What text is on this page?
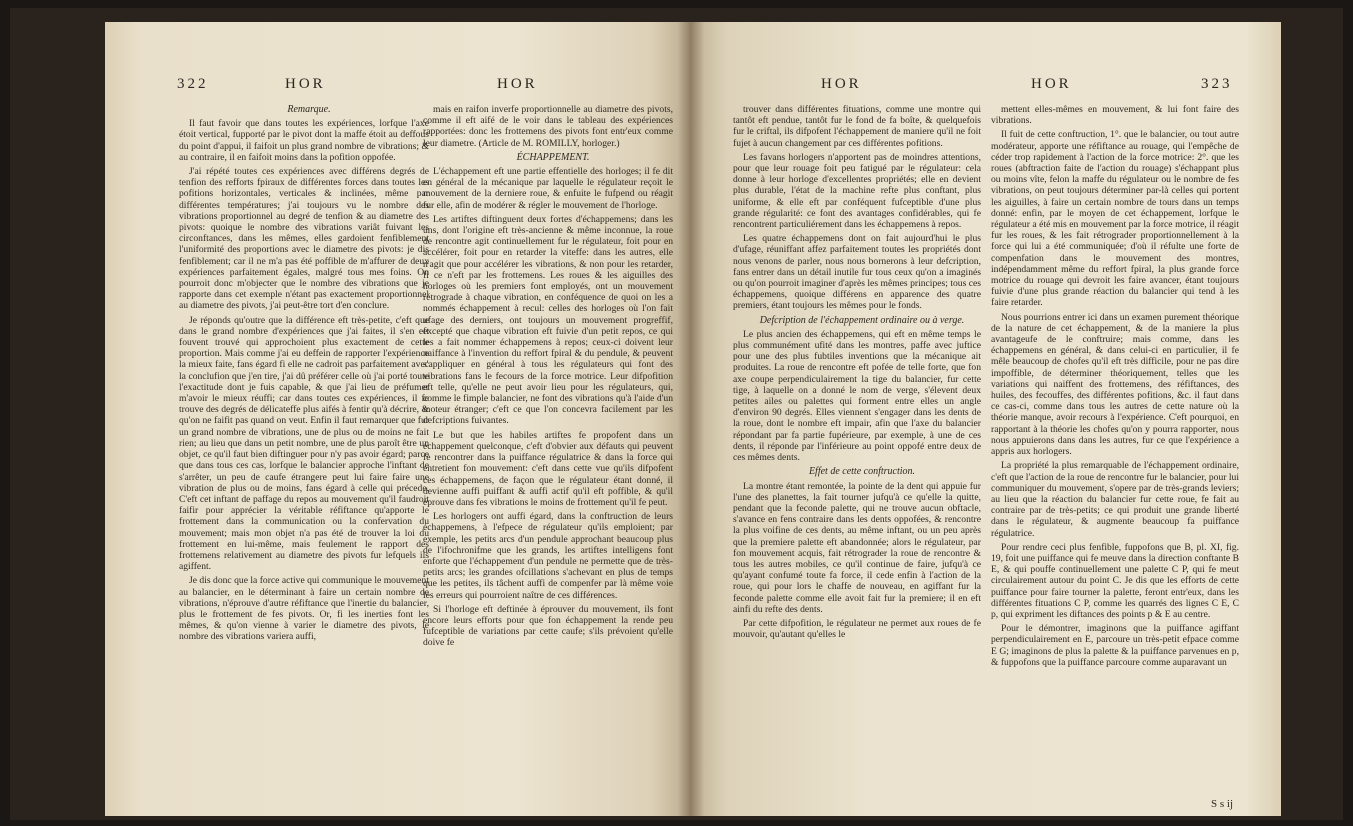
322	HOR	HOR

Remarque.

Il faut favoir que dans toutes les expériences, lorfque l'axe étoit vertical, fupporté par le pivot dont la maffe étoit au deffous du point d'appui, il faifoit un plus grand nombre de vibrations; & au contraire, il en faifoit moins dans la pofition oppofée.

J'ai répété toutes ces expériences avec différens degrés de tenfion des refforts fpiraux de différentes forces dans toutes les pofitions horizontales, verticales & inclinées, même par différentes températures; j'ai toujours vu le nombre des vibrations proportionnel au degré de tenfion & au diametre des pivots: quoique le nombre des vibrations variât fuivant les circonftances, dans les mêmes, elles gardoient fenfiblement l'uniformité des proportions avec le diametre des pivots: je dis fenfiblement; car il ne m'a pas été poffible de m'affurer de deux expériences parfaitement égales, malgré tous mes foins. On pourroit donc m'objecter que le nombre des vibrations que je rapporte dans cet exemple n'étant pas exactement proportionnel au diametre des pivots, j'ai peut-être tort d'en conclure.

Je réponds qu'outre que la différence eft très-petite, c'eft que dans le grand nombre d'expériences que j'ai faites, il s'en eft fouvent trouvé qui approchoient plus exactement de cette proportion. Mais comme j'ai eu deffein de rapporter l'expérience la mieux faite, fans égard fi elle ne cadroit pas parfaitement avec la conclufion que j'en tire, j'ai dû préférer celle où j'ai porté toute l'exactitude dont je fuis capable, & que j'ai lieu de préfumer m'avoir le mieux réuffi; car dans toutes ces expériences, il fe trouve des degrés de délicateffe plus aifés à fentir qu'à décrire, & qu'on ne faifit pas quand on veut. Enfin il faut remarquer que fur un grand nombre de vibrations, une de plus ou de moins ne fait rien; au lieu que dans un petit nombre, une de plus paroît être un objet, ce qu'il faut bien diftinguer pour n'y pas avoir égard; parce que dans tous ces cas, lorfque le balancier approche l'inftant de s'arrêter, un peu de caufe étrangere peut lui faire faire une vibration de plus ou de moins, fans égard à celle qui précede. C'eft cet inftant de paffage du repos au mouvement qu'il faudroit faifir pour apprécier la véritable réfiftance qu'apporte le frottement dans la communication ou la confervation du mouvement; mais mon objet n'a pas été de trouver la loi du frottement en lui-même, mais feulement le rapport des frottemens relativement au diametre des pivots fur lefquels ils agiffent.

Je dis donc que la force active qui communique le mouvement au balancier, en le déterminant à faire un certain nombre de vibrations, n'éprouve d'autre réfiftance que l'inertie du balancier, plus le frottement de fes pivots. Or, fi les inerties font les mêmes, & qu'on vienne à varier le diametre des pivots, le nombre des vibrations variera auffi,

mais en raifon inverfe proportionnelle au diametre des pivots, comme il eft aifé de le voir dans le tableau des expériences rapportées: donc les frottemens des pivots font entr'eux comme leur diametre. (Article de M. ROMILLY, horloger.)

ÉCHAPPEMENT.

L'échappement eft une partie effentielle des horloges; il fe dit en général de la mécanique par laquelle le régulateur reçoit le mouvement de la derniere roue, & enfuite le fufpend ou réagit fur elle, afin de modérer & régler le mouvement de l'horloge.

Les artiftes diftinguent deux fortes d'échappemens; dans les uns, dont l'origine eft très-ancienne & même inconnue, la roue de rencontre agit continuellement fur le régulateur, foit pour en accélérer, foit pour en retarder la viteffe: dans les autres, elle n'agit que pour accélérer les vibrations, & non pour les retarder, fi ce n'eft par les frottemens. Les roues & les aiguilles des horloges où les premiers font employés, ont un mouvement rétrograde à chaque vibration, en conféquence de quoi on les a nommés échappement à recul: celles des horloges où l'on fait ufage des derniers, ont toujours un mouvement progreffif, excepté que chaque vibration eft fuivie d'un petit repos, ce qui les a fait nommer échappemens à repos; ceux-ci doivent leur naiffance à l'invention du reffort fpiral & du pendule, & peuvent s'appliquer en général à tous les régulateurs qui font des vibrations fans le fecours de la force motrice. Leur difpofition eft telle, qu'elle ne peut avoir lieu pour les régulateurs, qui, comme le fimple balancier, ne font des vibrations qu'à l'aide d'un moteur étranger; c'eft ce que l'on concevra facilement par les defcriptions fuivantes.

Le but que les habiles artiftes fe propofent dans un échappement quelconque, c'eft d'obvier aux défauts qui peuvent fe rencontrer dans la puiffance régulatrice & dans la force qui entretient fon mouvement: c'eft dans cette vue qu'ils difpofent ces échappemens, de façon que le régulateur étant donné, il devienne auffi puiffant & auffi actif qu'il eft poffible, & qu'il éprouve dans fes vibrations le moins de frottement qu'il fe peut.

Les horlogers ont auffi égard, dans la conftruction de leurs échappemens, à l'efpece de régulateur qu'ils emploient; par exemple, les petits arcs d'un pendule approchant beaucoup plus de l'ifochronifme que les grands, les artiftes intelligens font enforte que l'échappement d'un pendule ne permette que de très-petits arcs; les grandes ofcillations s'achevant en plus de temps que les petites, ils tâchent auffi de compenfer par là même voie les erreurs qui pourroient naître de ces différences.

Si l'horloge eft deftinée à éprouver du mouvement, ils font encore leurs efforts pour que fon échappement la rende peu fufceptible de variations par cette caufe; s'ils prévoient qu'elle doive fe

HOR	HOR	323

trouver dans différentes fituations, comme une montre qui tantôt eft pendue, tantôt fur le fond de fa boîte, & quelquefois fur le criftal, ils difpofent l'échappement de maniere qu'il ne foit fujet à aucun changement par ces différentes pofitions.

Les favans horlogers n'apportent pas de moindres attentions, pour que leur rouage foit peu fatigué par le régulateur: cela donne à leur horloge d'excellentes propriétés; elle en devient plus durable, l'état de la machine refte plus conftant, plus uniforme, & elle eft par conféquent fufceptible d'une plus grande régularité: ce font des avantages confidérables, qui fe rencontrent particuliérement dans les échappemens à repos.

Les quatre échappemens dont on fait aujourd'hui le plus d'ufage, réuniffant affez parfaitement toutes les propriétés dont nous venons de parler, nous nous bornerons à leur defcription, fans entrer dans un détail inutile fur tous ceux qu'on a imaginés ou qu'on pourroit imaginer d'après les mêmes principes; tous ces échappemens, quoique différens en apparence des quatre premiers, étant toujours les mêmes pour le fonds.

Defcription de l'échappement ordinaire ou à verge.

Le plus ancien des échappemens, qui eft en même temps le plus communément ufité dans les montres, paffe avec juftice pour une des plus fubtiles inventions que la mécanique ait produites. La roue de rencontre eft pofée de telle forte, que fon axe coupe perpendiculairement la tige du balancier, fur cette tige, à laquelle on a donné le nom de verge, s'élevent deux petites ailes ou palettes qui forment entre elles un angle d'environ 90 degrés. Elles viennent s'engager dans les dents de la roue, dont le nombre eft impair, afin que l'axe du balancier répondant par fa partie fupérieure, par exemple, à une de ces dents, il réponde par l'inférieure au point oppofé entre deux de ces mêmes dents.

Effet de cette conftruction.

La montre étant remontée, la pointe de la dent qui appuie fur l'une des planettes, la fait tourner jufqu'à ce qu'elle la quitte, pendant que la feconde palette, qui ne trouve aucun obftacle, s'avance en fens contraire dans les dents oppofées, & rencontre la plus voifine de ces dents, au même inftant, ou un peu après que la premiere palette eft abandonnée; alors le régulateur, par fon mouvement acquis, fait rétrograder la roue de rencontre & tous les autres mobiles, ce qu'il continue de faire, jufqu'à ce qu'ayant confumé toute fa force, il cede enfin à l'action de la roue, qui pour lors le chaffe de nouveau, en agiffant fur la feconde palette comme elle avoit fait fur la premiere; il en eft ainfi du refte des dents.

Par cette difpofition, le régulateur ne permet aux roues de fe mouvoir, qu'autant qu'elles le

mettent elles-mêmes en mouvement, & lui font faire des vibrations.

Il fuit de cette conftruction, 1°. que le balancier, ou tout autre modérateur, apporte une réfiftance au rouage, qui l'empêche de céder trop rapidement à l'action de la force motrice: 2°. que les roues (abftraction faite de l'action du rouage) s'échappant plus ou moins vîte, felon la maffe du régulateur ou le nombre de fes vibrations, on peut toujours déterminer par-là celles qui portent les aiguilles, à faire un certain nombre de tours dans un temps donné: enfin, par le moyen de cet échappement, lorfque le régulateur a été mis en mouvement par la force motrice, il réagit fur les roues, & les fait rétrograder proportionnellement à la force qui lui a été communiquée; d'où il réfulte une forte de compenfation dans le mouvement des montres, indépendamment même du reffort fpiral, la plus grande force motrice du rouage qui devroit les faire avancer, étant toujours fuivie d'une plus grande réaction du balancier qui tend à les faire retarder.

Nous pourrions entrer ici dans un examen purement théorique de la nature de cet échappement, & de la maniere la plus avantageufe de le conftruire; mais comme, dans les échappemens en général, & dans celui-ci en particulier, il fe mêle beaucoup de chofes qu'il eft très difficile, pour ne pas dire impoffible, de déterminer théoriquement, telles que les variations qui naiffent des frottemens, des réfiftances, des huiles, des fecouffes, des différentes pofitions, &c. il faut dans ce cas-ci, comme dans tous les autres de cette nature où la théorie manque, avoir recours à l'expérience. C'eft pourquoi, en rapportant à la théorie les chofes qu'on y pourra rapporter, nous nous appuierons dans dans les autres, fur ce que l'expérience a appris aux horlogers.

La propriété la plus remarquable de l'échappement ordinaire, c'eft que l'action de la roue de rencontre fur le balancier, pour lui communiquer du mouvement, s'opere par de très-grands leviers; au lieu que la réaction du balancier fur cette roue, fe fait au contraire par de très-petits; ce qui produit une grande liberté dans le régulateur, & augmente beaucoup fa puiffance régulatrice.

Pour rendre ceci plus fenfible, fuppofons que B, pl. XI, fig. 19, foit une puiffance qui fe meuve dans la direction conftante B E, & qui pouffe continuellement une palette C P, qui fe meut circulairement autour du point C. Je dis que les efforts de cette puiffance pour faire tourner la palette, feront entr'eux, dans les différentes fituations C P, comme les quarrés des lignes C E, C p, qui expriment les diftances des points p & E au centre.

Pour le démontrer, imaginons que la puiffance agiffant perpendiculairement en E, parcoure un très-petit efpace comme E G; imaginons de plus la palette & la puiffance parvenues en p, & fuppofons que la puiffance parcoure comme auparavant un

S s ij
